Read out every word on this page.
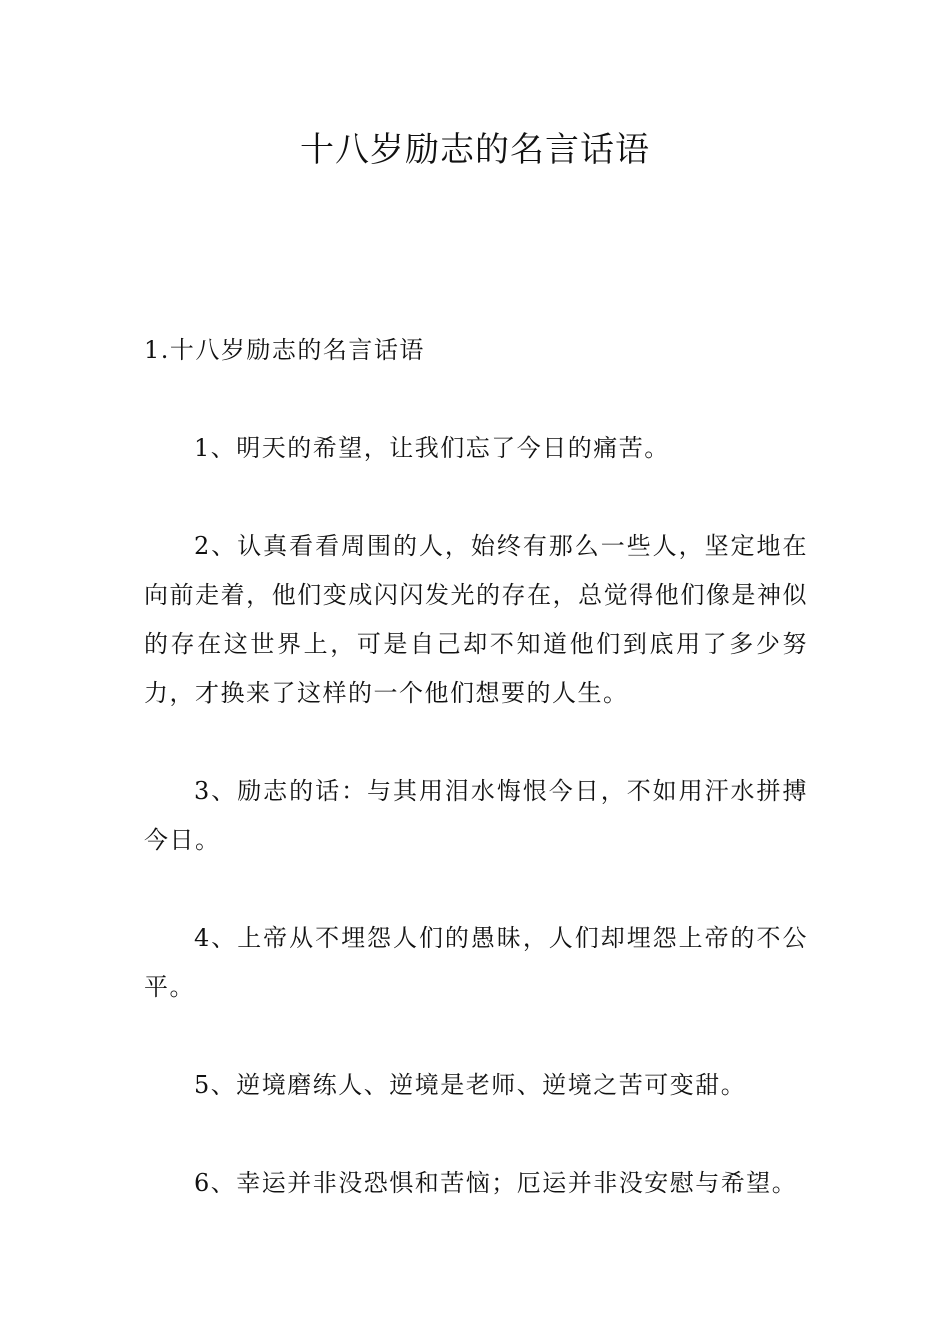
十八岁励志的名言话语

1.十八岁励志的名言话语

1、明天的希望，让我们忘了今日的痛苦。

2、认真看看周围的人，始终有那么一些人，坚定地在向前走着，他们变成闪闪发光的存在，总觉得他们像是神似的存在这世界上，可是自己却不知道他们到底用了多少努力，才换来了这样的一个他们想要的人生。

3、励志的话：与其用泪水悔恨今日，不如用汗水拼搏今日。

4、上帝从不埋怨人们的愚昧，人们却埋怨上帝的不公平。

5、逆境磨练人、逆境是老师、逆境之苦可变甜。

6、幸运并非没恐惧和苦恼；厄运并非没安慰与希望。
